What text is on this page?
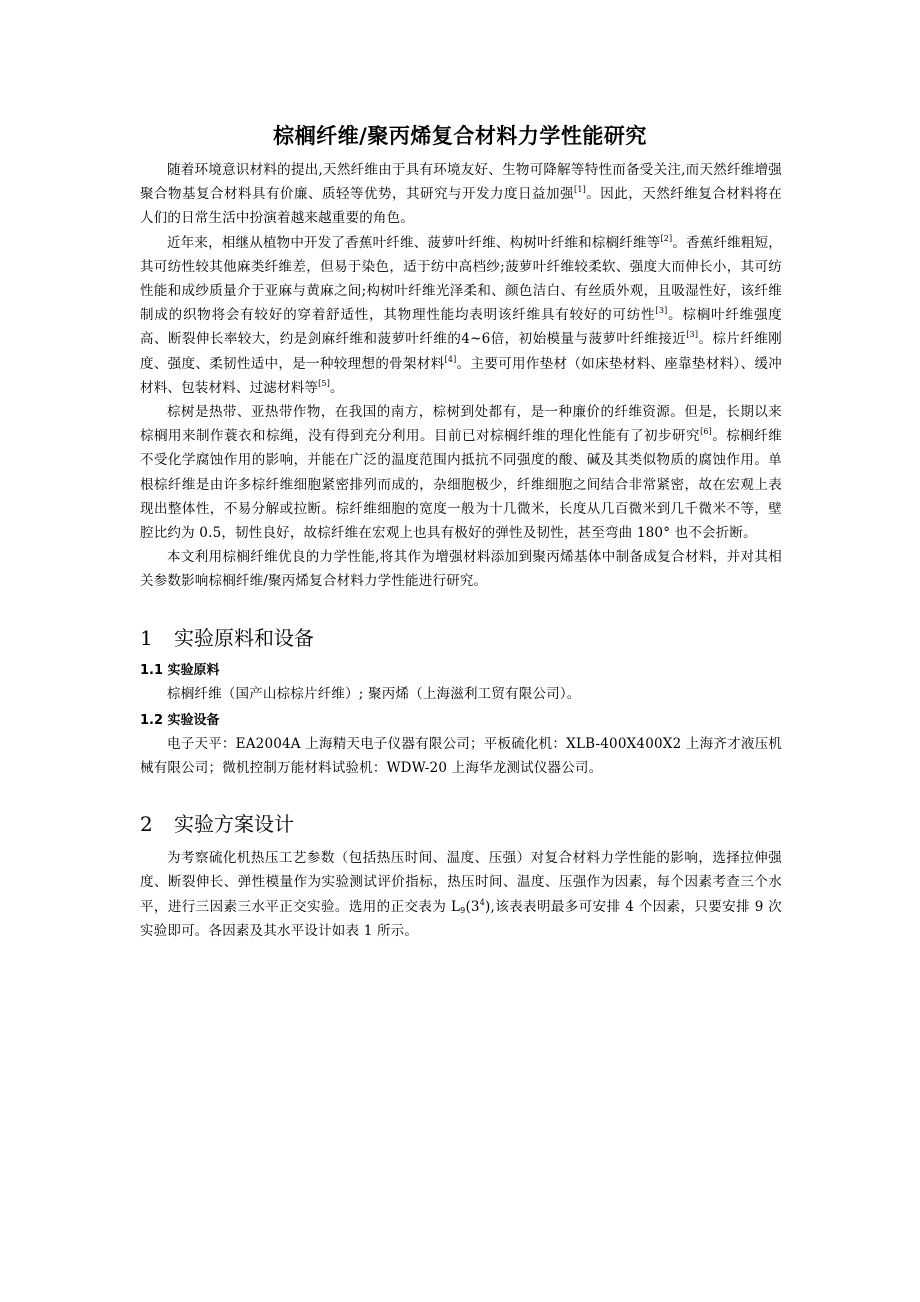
棕榈纤维/聚丙烯复合材料力学性能研究

随着环境意识材料的提出,天然纤维由于具有环境友好、生物可降解等特性而备受关注,而天然纤维增强聚合物基复合材料具有价廉、质轻等优势，其研究与开发力度日益加强[1]。因此，天然纤维复合材料将在人们的日常生活中扮演着越来越重要的角色。

近年来，相继从植物中开发了香蕉叶纤维、菠萝叶纤维、构树叶纤维和棕榈纤维等[2]。香蕉纤维粗短，其可纺性较其他麻类纤维差，但易于染色，适于纺中高档纱;菠萝叶纤维较柔软、强度大而伸长小，其可纺性能和成纱质量介于亚麻与黄麻之间;构树叶纤维光泽柔和、颜色洁白、有丝质外观，且吸湿性好，该纤维制成的织物将会有较好的穿着舒适性，其物理性能均表明该纤维具有较好的可纺性[3]。棕榈叶纤维强度高、断裂伸长率较大，约是剑麻纤维和菠萝叶纤维的4~6倍，初始模量与菠萝叶纤维接近[3]。棕片纤维刚度、强度、柔韧性适中，是一种较理想的骨架材料[4]。主要可用作垫材（如床垫材料、座靠垫材料）、缓冲材料、包装材料、过滤材料等[5]。

棕树是热带、亚热带作物，在我国的南方，棕树到处都有，是一种廉价的纤维资源。但是，长期以来棕榈用来制作蓑衣和棕绳，没有得到充分利用。目前已对棕榈纤维的理化性能有了初步研究[6]。棕榈纤维不受化学腐蚀作用的影响，并能在广泛的温度范围内抵抗不同强度的酸、碱及其类似物质的腐蚀作用。单根棕纤维是由许多棕纤维细胞紧密排列而成的，杂细胞极少，纤维细胞之间结合非常紧密，故在宏观上表现出整体性，不易分解或拉断。棕纤维细胞的宽度一般为十几微米，长度从几百微米到几千微米不等，壁腔比约为 0.5，韧性良好，故棕纤维在宏观上也具有极好的弹性及韧性，甚至弯曲 180° 也不会折断。

本文利用棕榈纤维优良的力学性能,将其作为增强材料添加到聚丙烯基体中制备成复合材料，并对其相关参数影响棕榈纤维/聚丙烯复合材料力学性能进行研究。

1 实验原料和设备
1.1 实验原料

棕榈纤维（国产山棕棕片纤维）; 聚丙烯（上海滋利工贸有限公司）。

1.2 实验设备

电子天平：EA2004A 上海精天电子仪器有限公司；平板硫化机：XLB-400X400X2 上海齐才液压机械有限公司；微机控制万能材料试验机：WDW-20 上海华龙测试仪器公司。

2 实验方案设计

为考察硫化机热压工艺参数（包括热压时间、温度、压强）对复合材料力学性能的影响，选择拉伸强度、断裂伸长、弹性模量作为实验测试评价指标，热压时间、温度、压强作为因素，每个因素考查三个水平，进行三因素三水平正交实验。选用的正交表为 $L_9(3^4)$,该表表明最多可安排 4 个因素，只要安排 9 次实验即可。各因素及其水平设计如表 1 所示。
